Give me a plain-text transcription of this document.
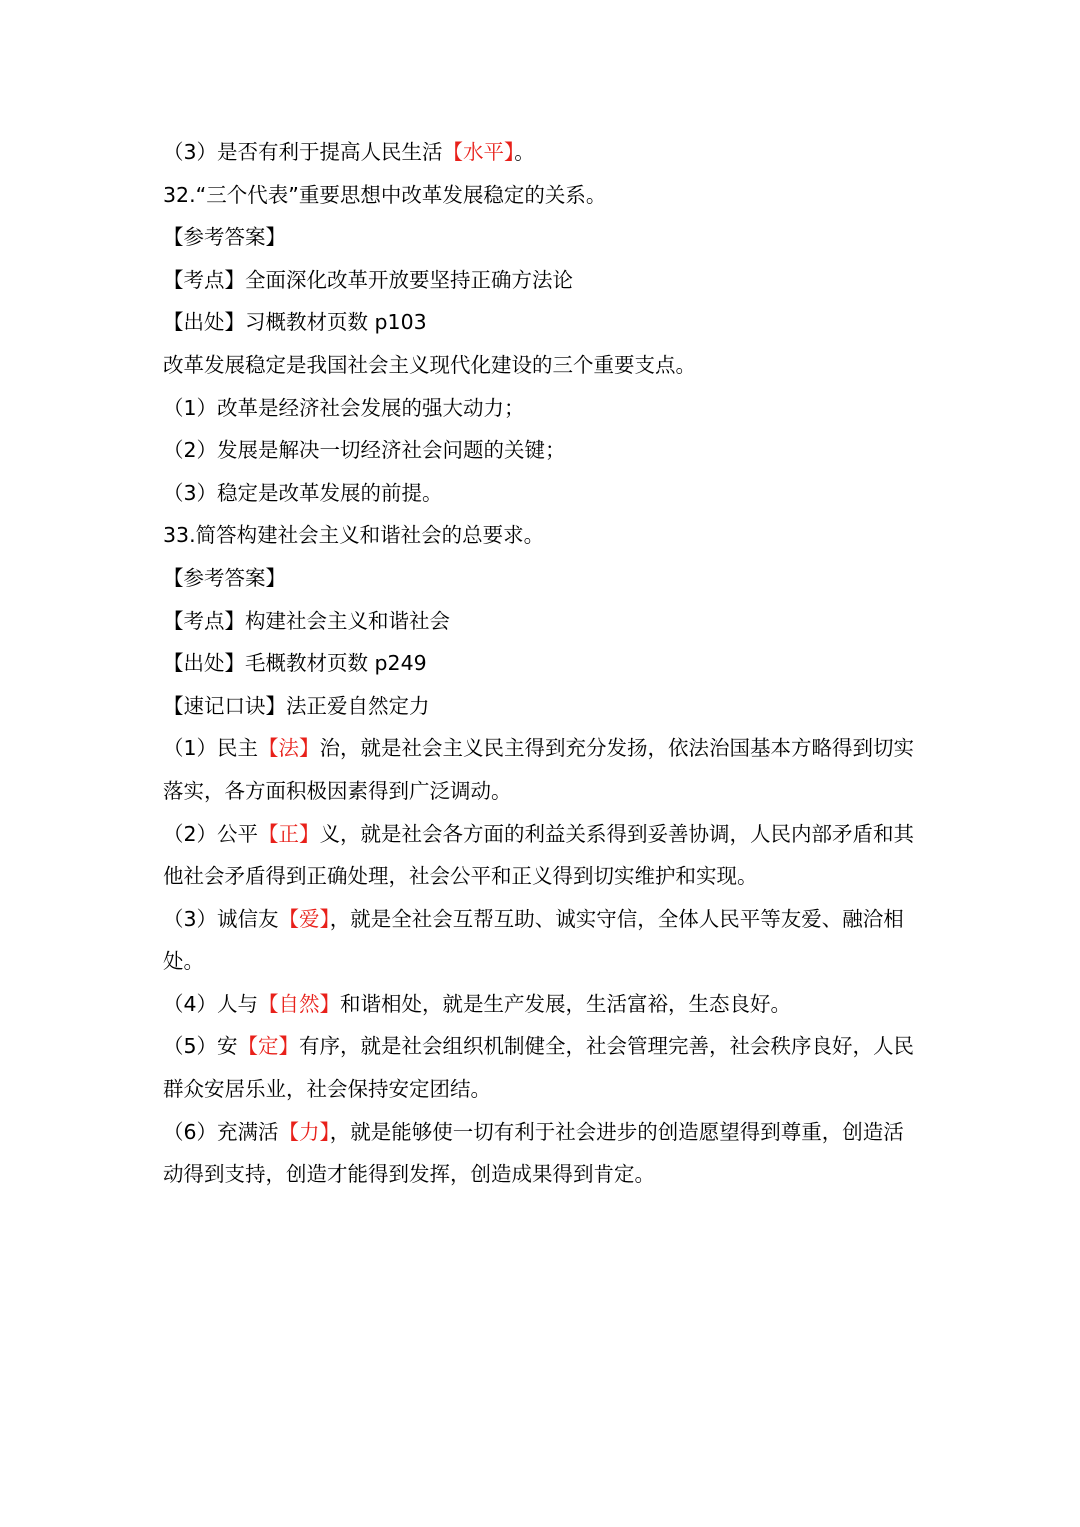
（3）是否有利于提高人民生活【水平】。

32.“三个代表”重要思想中改革发展稳定的关系。

【参考答案】

【考点】全面深化改革开放要坚持正确方法论

【出处】习概教材页数 p103

改革发展稳定是我国社会主义现代化建设的三个重要支点。

（1）改革是经济社会发展的强大动力；

（2）发展是解决一切经济社会问题的关键；

（3）稳定是改革发展的前提。

33.简答构建社会主义和谐社会的总要求。

【参考答案】

【考点】构建社会主义和谐社会

【出处】毛概教材页数 p249

【速记口诀】法正爱自然定力

（1）民主【法】治，就是社会主义民主得到充分发扬，依法治国基本方略得到切实落实，各方面积极因素得到广泛调动。

（2）公平【正】义，就是社会各方面的利益关系得到妥善协调，人民内部矛盾和其他社会矛盾得到正确处理，社会公平和正义得到切实维护和实现。

（3）诚信友【爱】，就是全社会互帮互助、诚实守信，全体人民平等友爱、融洽相处。

（4）人与【自然】和谐相处，就是生产发展，生活富裕，生态良好。

（5）安【定】有序，就是社会组织机制健全，社会管理完善，社会秩序良好，人民群众安居乐业，社会保持安定团结。

（6）充满活【力】，就是能够使一切有利于社会进步的创造愿望得到尊重，创造活动得到支持，创造才能得到发挥，创造成果得到肯定。
